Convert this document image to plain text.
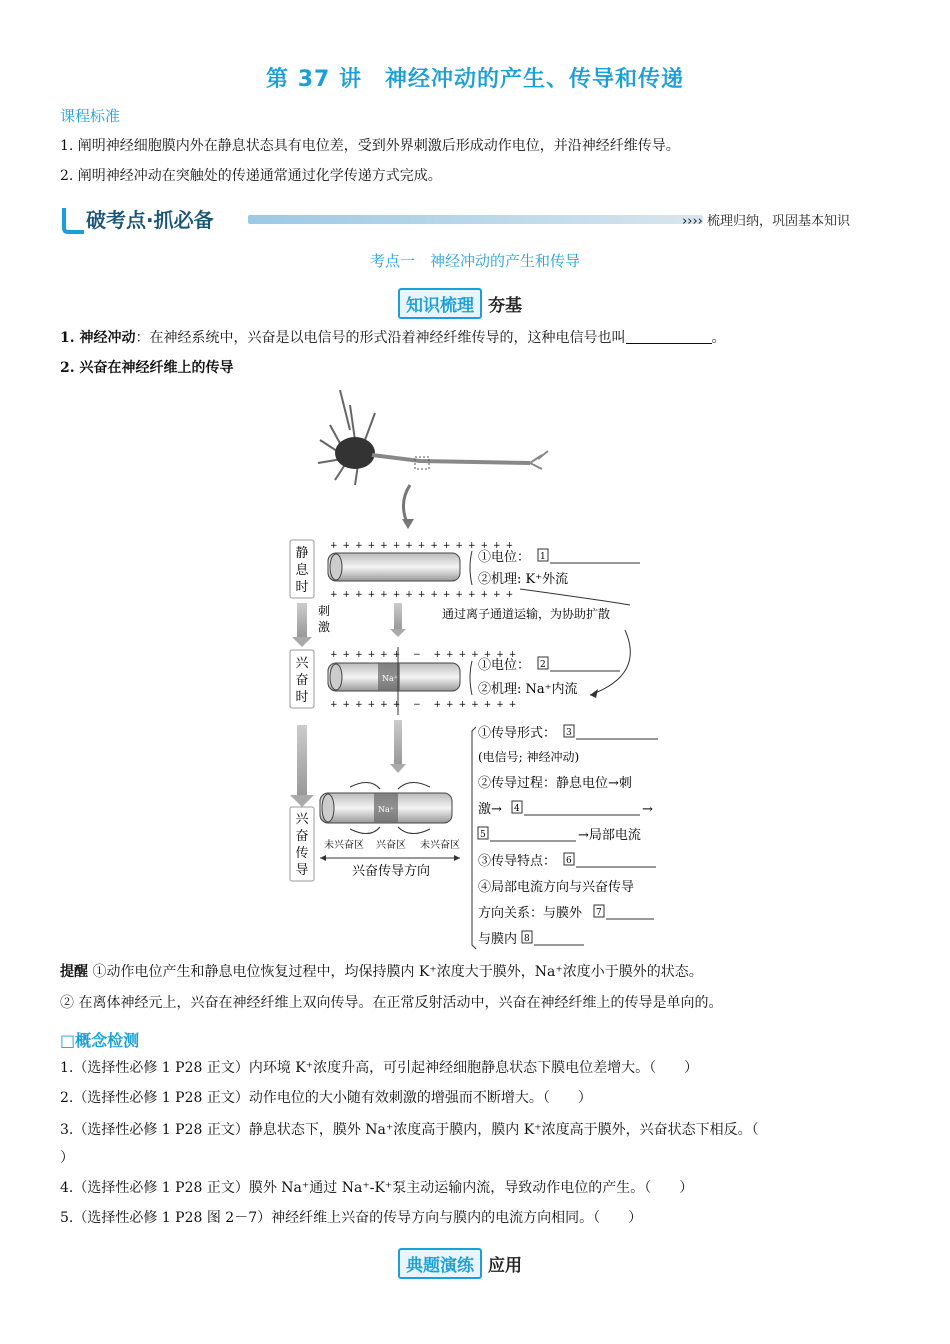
第 37 讲　神经冲动的产生、传导和传递
课程标准
1. 阐明神经细胞膜内外在静息状态具有电位差，受到外界刺激后形成动作电位，并沿神经纤维传导。
2. 阐明神经冲动在突触处的传递通常通过化学传递方式完成。
破考点·抓必备	›››› 梳理归纳，巩固基本知识
考点一　神经冲动的产生和传导
知识梳理 夯基
1. 神经冲动：在神经系统中，兴奋是以电信号的形式沿着神经纤维传导的，这种电信号也叫	。
2. 兴奋在神经纤维上的传导
静
息
时
刺
激
兴
奋
时
兴
奋
传
导
+++++++++++++++
+++++++++++++++
++++++ − +++++++
Na⁺
++++++ − +++++++
Na⁺
未兴奋区 兴奋区 未兴奋区
兴奋传导方向
①电位： 1
②机理: K⁺外流
通过离子通道运输，为协助扩散
①电位： 2
②机理: Na⁺内流
①传导形式： 3
(电信号; 神经冲动)
②传导过程：静息电位→刺
激→ 4	→
5	→局部电流
③传导特点： 6
④局部电流方向与兴奋传导
方向关系：与膜外 7
与膜内 8
提醒 ①动作电位产生和静息电位恢复过程中，均保持膜内 K⁺浓度大于膜外，Na⁺浓度小于膜外的状态。
② 在离体神经元上，兴奋在神经纤维上双向传导。在正常反射活动中，兴奋在神经纤维上的传导是单向的。
□概念检测
1.（选择性必修 1 P28 正文）内环境 K⁺浓度升高，可引起神经细胞静息状态下膜电位差增大。（　　）
2.（选择性必修 1 P28 正文）动作电位的大小随有效刺激的增强而不断增大。（　　）
3.（选择性必修 1 P28 正文）静息状态下，膜外 Na⁺浓度高于膜内，膜内 K⁺浓度高于膜外，兴奋状态下相反。（
）
4.（选择性必修 1 P28 正文）膜外 Na⁺通过 Na⁺-K⁺泵主动运输内流，导致动作电位的产生。（　　）
5.（选择性必修 1 P28 图 2－7）神经纤维上兴奋的传导方向与膜内的电流方向相同。（　　）
典题演练 应用
